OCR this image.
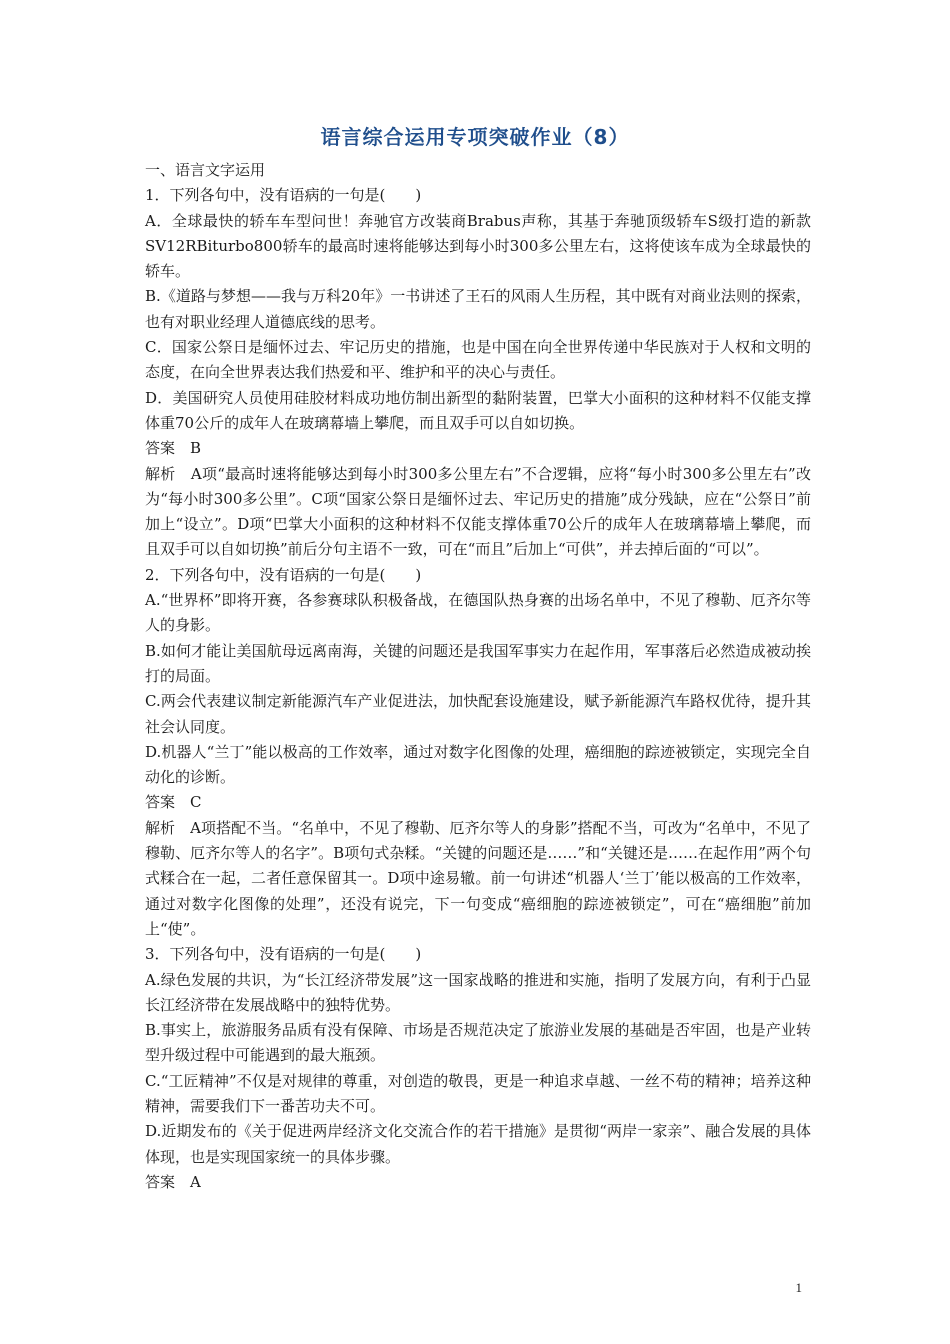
语言综合运用专项突破作业（8）

一、语言文字运用

1．下列各句中，没有语病的一句是(　　)

A．全球最快的轿车车型问世！奔驰官方改装商Brabus声称，其基于奔驰顶级轿车S级打造的新款SV12RBiturbo800轿车的最高时速将能够达到每小时300多公里左右，这将使该车成为全球最快的轿车。

B.《道路与梦想——我与万科20年》一书讲述了王石的风雨人生历程，其中既有对商业法则的探索，也有对职业经理人道德底线的思考。

C．国家公祭日是缅怀过去、牢记历史的措施，也是中国在向全世界传递中华民族对于人权和文明的态度，在向全世界表达我们热爱和平、维护和平的决心与责任。

D．美国研究人员使用硅胶材料成功地仿制出新型的黏附装置，巴掌大小面积的这种材料不仅能支撑体重70公斤的成年人在玻璃幕墙上攀爬，而且双手可以自如切换。

答案　B

解析　A项“最高时速将能够达到每小时300多公里左右”不合逻辑，应将“每小时300多公里左右”改为“每小时300多公里”。C项“国家公祭日是缅怀过去、牢记历史的措施”成分残缺，应在“公祭日”前加上“设立”。D项“巴掌大小面积的这种材料不仅能支撑体重70公斤的成年人在玻璃幕墙上攀爬，而且双手可以自如切换”前后分句主语不一致，可在“而且”后加上“可供”，并去掉后面的“可以”。

2．下列各句中，没有语病的一句是(　　)

A.“世界杯”即将开赛，各参赛球队积极备战，在德国队热身赛的出场名单中，不见了穆勒、厄齐尔等人的身影。

B.如何才能让美国航母远离南海，关键的问题还是我国军事实力在起作用，军事落后必然造成被动挨打的局面。

C.两会代表建议制定新能源汽车产业促进法，加快配套设施建设，赋予新能源汽车路权优待，提升其社会认同度。

D.机器人“兰丁”能以极高的工作效率，通过对数字化图像的处理，癌细胞的踪迹被锁定，实现完全自动化的诊断。

答案　C

解析　A项搭配不当。“名单中，不见了穆勒、厄齐尔等人的身影”搭配不当，可改为“名单中，不见了穆勒、厄齐尔等人的名字”。B项句式杂糅。“关键的问题还是……”和“关键还是……在起作用”两个句式糅合在一起，二者任意保留其一。D项中途易辙。前一句讲述“机器人‘兰丁’能以极高的工作效率，通过对数字化图像的处理”，还没有说完，下一句变成“癌细胞的踪迹被锁定”，可在“癌细胞”前加上“使”。

3．下列各句中，没有语病的一句是(　　)

A.绿色发展的共识，为“长江经济带发展”这一国家战略的推进和实施，指明了发展方向，有利于凸显长江经济带在发展战略中的独特优势。

B.事实上，旅游服务品质有没有保障、市场是否规范决定了旅游业发展的基础是否牢固，也是产业转型升级过程中可能遇到的最大瓶颈。

C.“工匠精神”不仅是对规律的尊重，对创造的敬畏，更是一种追求卓越、一丝不苟的精神；培养这种精神，需要我们下一番苦功夫不可。

D.近期发布的《关于促进两岸经济文化交流合作的若干措施》是贯彻“两岸一家亲”、融合发展的具体体现，也是实现国家统一的具体步骤。

答案　A

1
